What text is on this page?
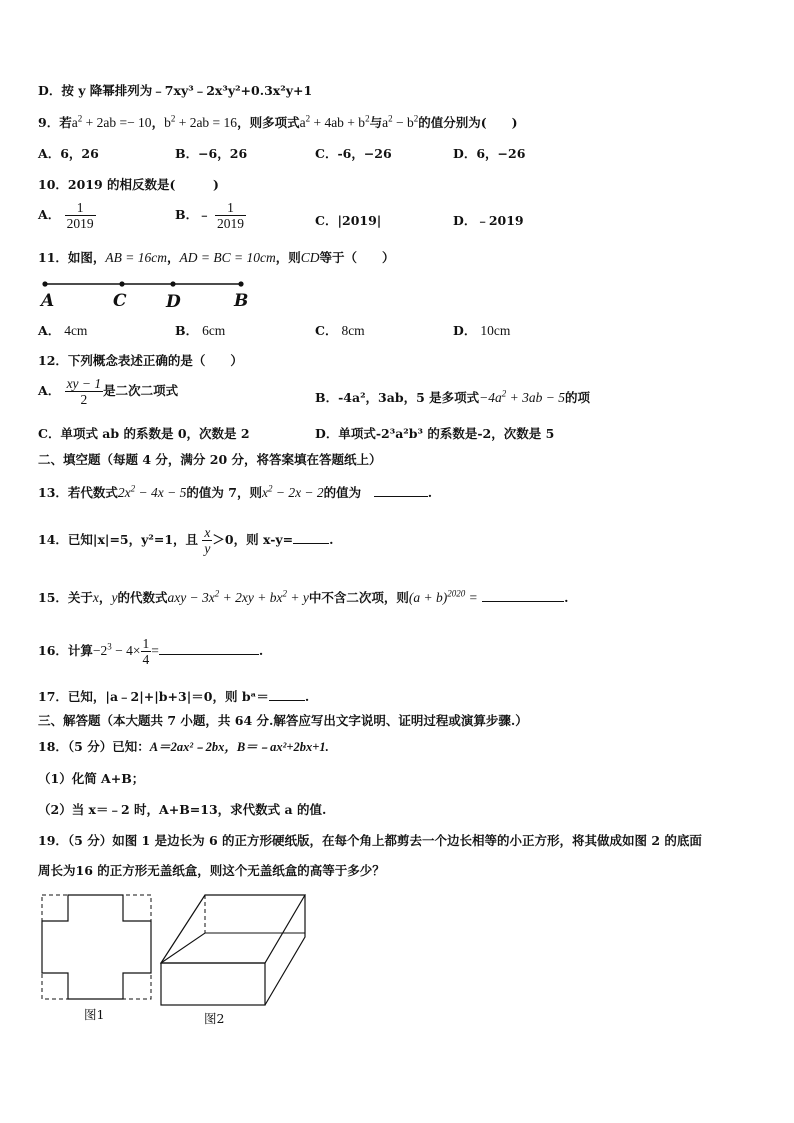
D．按 y 降幂排列为﹣7xy³﹣2x³y²+0.3x²y+1
9．若$a^2 + 2ab =- 10$，$b^2 + 2ab = 16$，则多项式$a^2 + 4ab + b^2$与$a^2 - b^2$的值分别为(　　)
A．6，26	B．−6，26	C．-6，−26	D．6，−26
10．2019 的相反数是(　　　)
A． $\frac{1}{2019}$	B．﹣ $\frac{1}{2019}$	C．|2019|	D．﹣2019
11．如图，AB = 16cm，AD = BC = 10cm，则CD等于（　　）
A	C D	B
A． 4cm	B． 6cm	C． 8cm	D． 10cm
12．下列概念表述正确的是（　　）
A． $\frac{xy - 1}{2}$ 是二次二项式	B．-4a²，3ab，5 是多项式$-4a^2 + 3ab - 5$的项
C．单项式 ab 的系数是 0，次数是 2	D．单项式-2³a²b³ 的系数是-2，次数是 5
二、填空题（每题 4 分，满分 20 分，将答案填在答题纸上）
13．若代数式$2x^2 - 4x - 5$的值为 7，则$x^2 - 2x - 2$的值为　	.
14．已知|x|=5，y²=1，且 $\frac{x}{y} >0$，则 x-y=	.
15．关于x，y的代数式axy − $3x^2 + 2xy + bx^2 + y$中不含二次项，则$(a + b)^{2020}$ =	.
16．计算$-2^3 - 4\times \frac{1}{4}$ =	.
17．已知，|a﹣2|+|b+3|＝0，则 bᵃ＝	.
三、解答题（本大题共 7 小题，共 64 分.解答应写出文字说明、证明过程或演算步骤.）
18．（5 分）已知：A＝2ax²﹣2bx，B＝﹣ax²+2bx+1.
（1）化简 A+B；
（2）当 x＝﹣2 时，A+B=13，求代数式 a 的值.
19．（5 分）如图 1 是边长为 6 的正方形硬纸版，在每个角上都剪去一个边长相等的小正方形，将其做成如图 2 的底面
周长为16 的正方形无盖纸盒，则这个无盖纸盒的高等于多少？
图1	图2
